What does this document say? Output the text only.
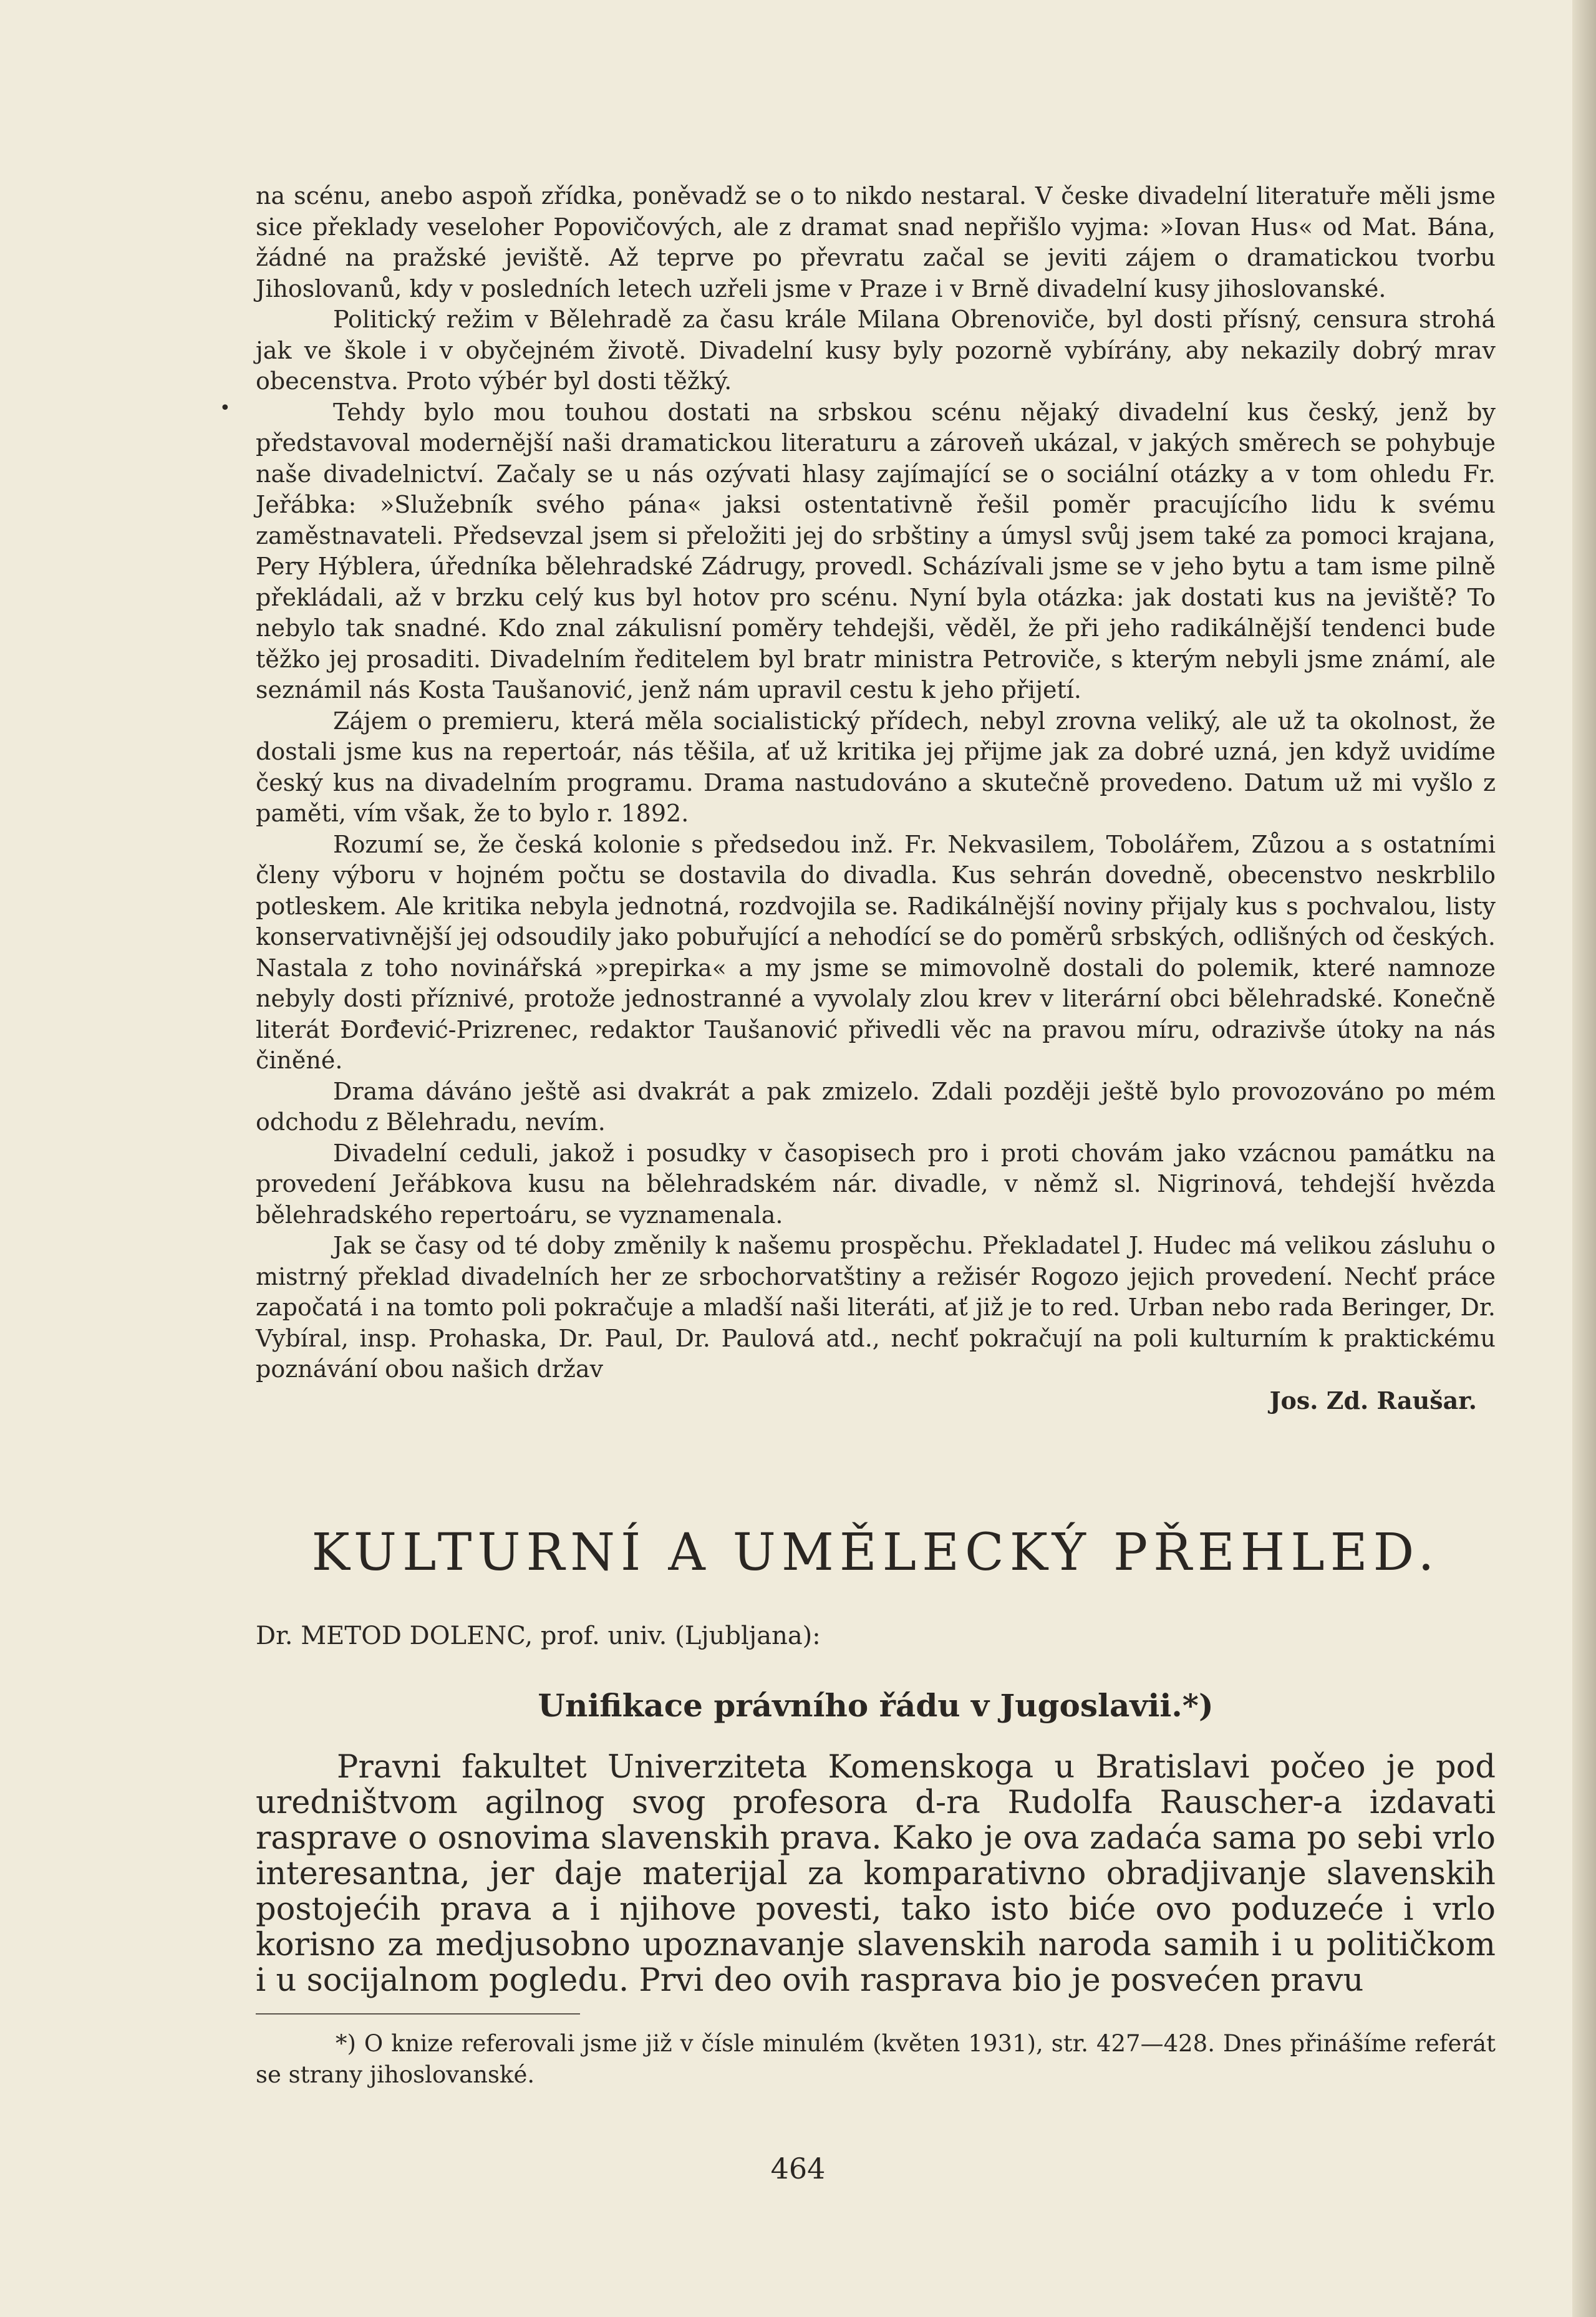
•

na scénu, anebo aspoň zřídka, poněvadž se o to nikdo nestaral. V česke divadelní literatuře měli jsme sice překlady veseloher Popovičových, ale z dramat snad nepřišlo vyjma: »Iovan Hus« od Mat. Bána, žádné na pražské jeviště. Až teprve po převratu začal se jeviti zájem o dramatickou tvorbu Jihoslovanů, kdy v posledních letech uzřeli jsme v Praze i v Brně divadelní kusy jihoslovanské.

Politický režim v Bělehradě za času krále Milana Obrenoviče, byl dosti přísný, censura strohá jak ve škole i v obyčejném životě. Divadelní kusy byly pozorně vybírány, aby nekazily dobrý mrav obecenstva. Proto výbér byl dosti těžký.

Tehdy bylo mou touhou dostati na srbskou scénu nějaký divadelní kus český, jenž by představoval modernější naši dramatickou literaturu a zároveň ukázal, v jakých směrech se pohybuje naše divadelnictví. Začaly se u nás ozývati hlasy zajímající se o sociální otázky a v tom ohledu Fr. Jeřábka: »Služebník svého pána« jaksi ostentativně řešil poměr pracujícího lidu k svému zaměstnavateli. Předsevzal jsem si přeložiti jej do srbštiny a úmysl svůj jsem také za pomoci krajana, Pery Hýblera, úředníka bělehradské Zádrugy, provedl. Scházívali jsme se v jeho bytu a tam isme pilně překládali, až v brzku celý kus byl hotov pro scénu. Nyní byla otázka: jak dostati kus na jeviště? To nebylo tak snadné. Kdo znal zákulisní poměry tehdejši, věděl, že při jeho radikálnější tendenci bude těžko jej prosaditi. Divadelním ředitelem byl bratr ministra Petroviče, s kterým nebyli jsme známí, ale seznámil nás Kosta Taušanović, jenž nám upravil cestu k jeho přijetí.

Zájem o premieru, která měla socialistický přídech, nebyl zrovna veliký, ale už ta okolnost, že dostali jsme kus na repertoár, nás těšila, ať už kritika jej přijme jak za dobré uzná, jen když uvidíme český kus na divadelním programu. Drama nastudováno a skutečně provedeno. Datum už mi vyšlo z paměti, vím však, že to bylo r. 1892.

Rozumí se, že česká kolonie s předsedou inž. Fr. Nekvasilem, Tobolářem, Zůzou a s ostatními členy výboru v hojném počtu se dostavila do divadla. Kus sehrán dovedně, obecenstvo neskrblilo potleskem. Ale kritika nebyla jednotná, rozdvojila se. Radikálnější noviny přijaly kus s pochvalou, listy konservativnější jej odsoudily jako pobuřující a nehodící se do poměrů srbských, odlišných od českých. Nastala z toho novinářská »prepirka« a my jsme se mimovolně dostali do polemik, které namnoze nebyly dosti příznivé, protože jednostranné a vyvolaly zlou krev v literární obci bělehradské. Konečně literát Đorđević-Prizrenec, redaktor Taušanović přivedli věc na pravou míru, odrazivše útoky na nás činěné.

Drama dáváno ještě asi dvakrát a pak zmizelo. Zdali později ještě bylo provozováno po mém odchodu z Bělehradu, nevím.

Divadelní ceduli, jakož i posudky v časopisech pro i proti chovám jako vzácnou památku na provedení Jeřábkova kusu na bělehradském nár. divadle, v němž sl. Nigrinová, tehdejší hvězda bělehradského repertoáru, se vyznamenala.

Jak se časy od té doby změnily k našemu prospěchu. Překladatel J. Hudec má velikou zásluhu o mistrný překlad divadelních her ze srbochorvatštiny a režisér Rogozo jejich provedení. Nechť práce započatá i na tomto poli pokračuje a mladší naši literáti, ať již je to red. Urban nebo rada Beringer, Dr. Vybíral, insp. Prohaska, Dr. Paul, Dr. Paulová atd., nechť pokračují na poli kulturním k praktickému poznávání obou našich držav

Jos. Zd. Raušar.

KULTURNÍ A UMĚLECKÝ PŘEHLED.

Dr. METOD DOLENC, prof. univ. (Ljubljana):

Unifikace právního řádu v Jugoslavii.*)

Pravni fakultet Univerziteta Komenskoga u Bratislavi počeo je pod uredništvom agilnog svog profesora d-ra Rudolfa Rauscher-a izdavati rasprave o osnovima slavenskih prava. Kako je ova zadaća sama po sebi vrlo interesantna, jer daje materijal za komparativno obradjivanje slavenskih postojećih prava a i njihove povesti, tako isto biće ovo poduzeće i vrlo korisno za medjusobno upoznavanje slavenskih naroda samih i u političkom i u socijalnom pogledu. Prvi deo ovih rasprava bio je posvećen pravu

*) O knize referovali jsme již v čísle minulém (květen 1931), str. 427—428. Dnes přinášíme referát se strany jihoslovanské.

464
